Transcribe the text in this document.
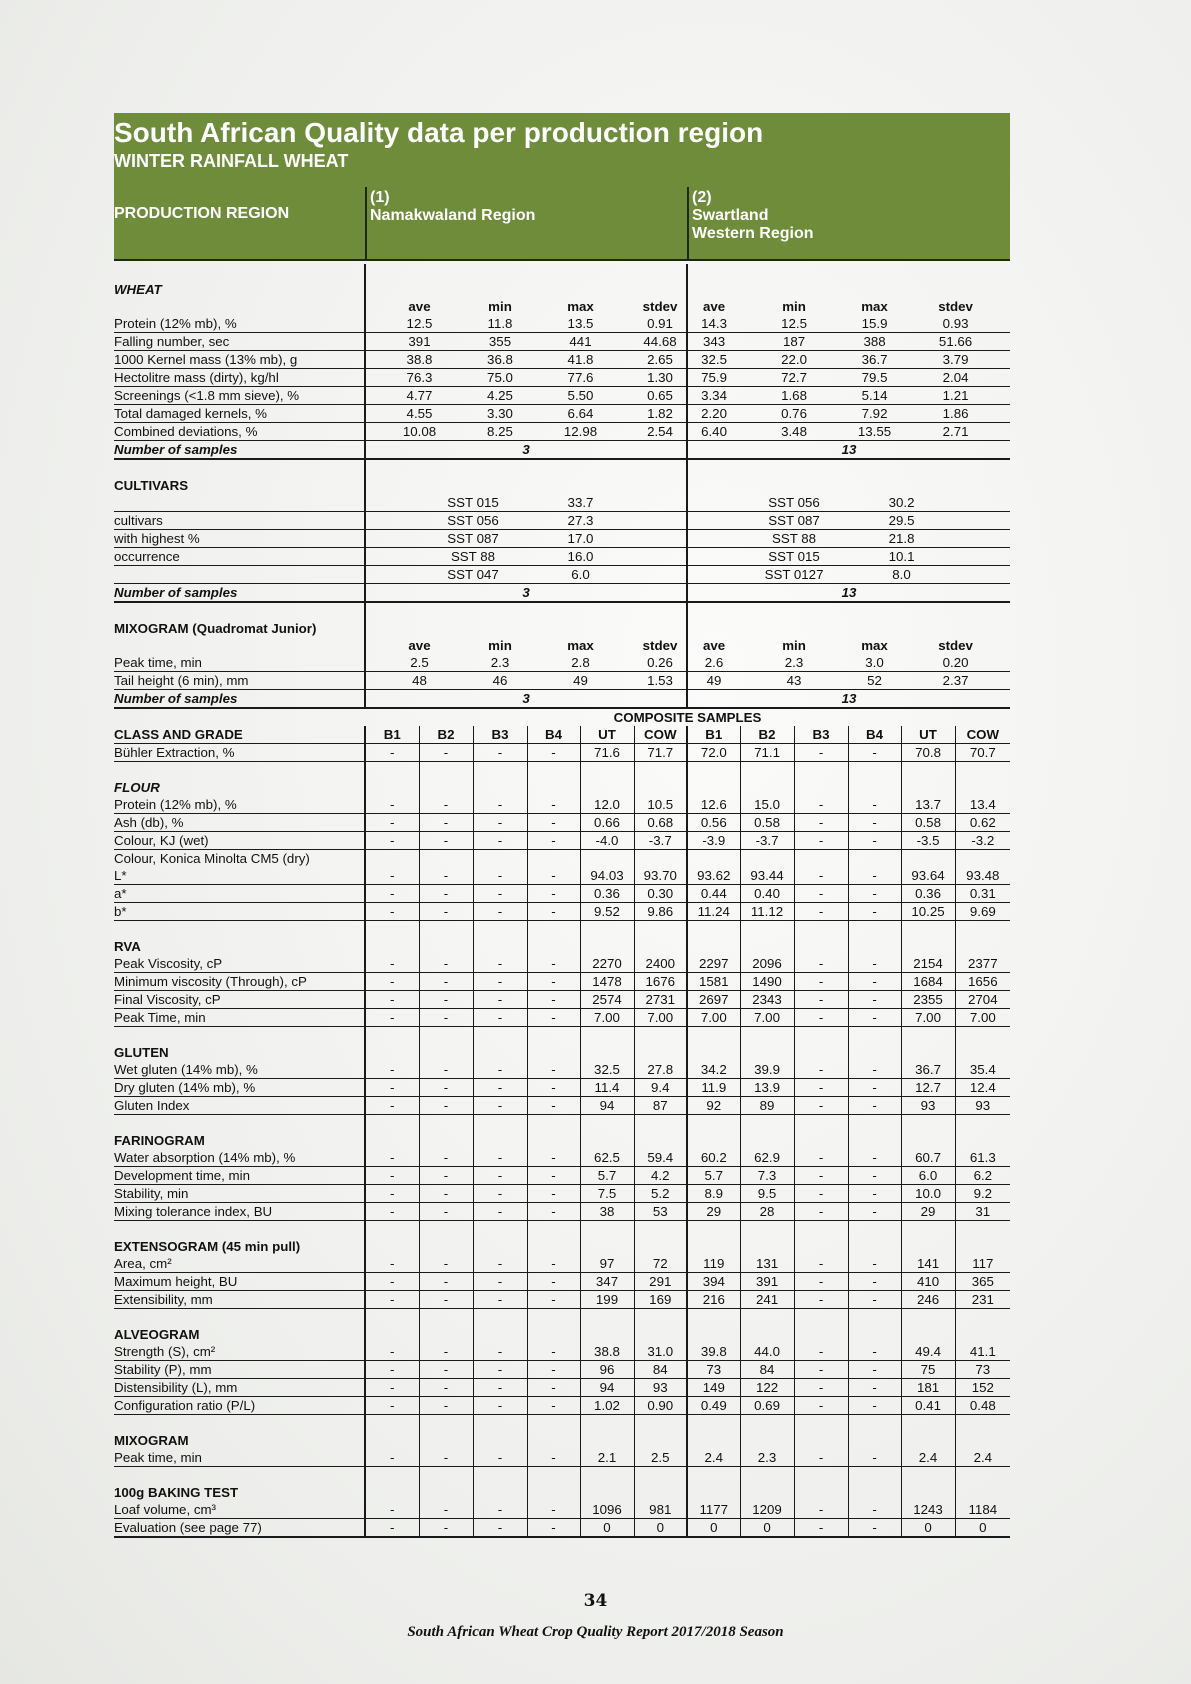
South African Quality data per production region
WINTER RAINFALL WHEAT
PRODUCTION REGION
(1)
Namakwaland Region
(2)
Swartland
Western Region

WHEAT												
	ave		min	max		stdev	ave	min		max	stdev	
Protein (12% mb), %	12.5		11.8	13.5		0.91	14.3	12.5		15.9	0.93	
Falling number, sec	391		355	441		44.68	343	187		388	51.66	
1000 Kernel mass (13% mb), g	38.8		36.8	41.8		2.65	32.5	22.0		36.7	3.79	
Hectolitre mass (dirty), kg/hl	76.3		75.0	77.6		1.30	75.9	72.7		79.5	2.04	
Screenings (<1.8 mm sieve), %	4.77		4.25	5.50		0.65	3.34	1.68		5.14	1.21	
Total damaged kernels, %	4.55		3.30	6.64		1.82	2.20	0.76		7.92	1.86	
Combined deviations, %	10.08		8.25	12.98		2.54	6.40	3.48		13.55	2.71	
Number of samples	3						13					

CULTIVARS												
		SST 015		33.7				SST 056		30.2		
cultivars		SST 056		27.3				SST 087		29.5		
with highest %		SST 087		17.0				SST 88		21.8		
occurrence		SST 88		16.0				SST 015		10.1		
		SST 047		6.0				SST 0127		8.0		
Number of samples	3						13					

MIXOGRAM (Quadromat Junior)												
	ave		min	max		stdev	ave	min		max	stdev	
Peak time, min	2.5		2.3	2.8		0.26	2.6	2.3		3.0	0.20	
Tail height (6 min), mm	48		46	49		1.53	49	43		52	2.37	
Number of samples	3						13					
	COMPOSITE SAMPLES											
CLASS AND GRADE	B1	B2	B3	B4	UT	COW	B1	B2	B3	B4	UT	COW
Bühler Extraction, %	-	-	-	-	71.6	71.7	72.0	71.1	-	-	70.8	70.7

FLOUR												
Protein (12% mb), %	-	-	-	-	12.0	10.5	12.6	15.0	-	-	13.7	13.4
Ash (db), %	-	-	-	-	0.66	0.68	0.56	0.58	-	-	0.58	0.62
Colour, KJ (wet)	-	-	-	-	-4.0	-3.7	-3.9	-3.7	-	-	-3.5	-3.2
Colour, Konica Minolta CM5 (dry)												
L*	-	-	-	-	94.03	93.70	93.62	93.44	-	-	93.64	93.48
a*	-	-	-	-	0.36	0.30	0.44	0.40	-	-	0.36	0.31
b*	-	-	-	-	9.52	9.86	11.24	11.12	-	-	10.25	9.69

RVA												
Peak Viscosity, cP	-	-	-	-	2270	2400	2297	2096	-	-	2154	2377
Minimum viscosity (Through), cP	-	-	-	-	1478	1676	1581	1490	-	-	1684	1656
Final Viscosity, cP	-	-	-	-	2574	2731	2697	2343	-	-	2355	2704
Peak Time, min	-	-	-	-	7.00	7.00	7.00	7.00	-	-	7.00	7.00

GLUTEN												
Wet gluten (14% mb), %	-	-	-	-	32.5	27.8	34.2	39.9	-	-	36.7	35.4
Dry gluten (14% mb), %	-	-	-	-	11.4	9.4	11.9	13.9	-	-	12.7	12.4
Gluten Index	-	-	-	-	94	87	92	89	-	-	93	93

FARINOGRAM												
Water absorption (14% mb), %	-	-	-	-	62.5	59.4	60.2	62.9	-	-	60.7	61.3
Development time, min	-	-	-	-	5.7	4.2	5.7	7.3	-	-	6.0	6.2
Stability, min	-	-	-	-	7.5	5.2	8.9	9.5	-	-	10.0	9.2
Mixing tolerance index, BU	-	-	-	-	38	53	29	28	-	-	29	31

EXTENSOGRAM (45 min pull)												
Area, cm²	-	-	-	-	97	72	119	131	-	-	141	117
Maximum height, BU	-	-	-	-	347	291	394	391	-	-	410	365
Extensibility, mm	-	-	-	-	199	169	216	241	-	-	246	231

ALVEOGRAM												
Strength (S), cm²	-	-	-	-	38.8	31.0	39.8	44.0	-	-	49.4	41.1
Stability (P), mm	-	-	-	-	96	84	73	84	-	-	75	73
Distensibility (L), mm	-	-	-	-	94	93	149	122	-	-	181	152
Configuration ratio (P/L)	-	-	-	-	1.02	0.90	0.49	0.69	-	-	0.41	0.48

MIXOGRAM												
Peak time, min	-	-	-	-	2.1	2.5	2.4	2.3	-	-	2.4	2.4

100g BAKING TEST												
Loaf volume, cm³	-	-	-	-	1096	981	1177	1209	-	-	1243	1184
Evaluation (see page 77)	-	-	-	-	0	0	0	0	-	-	0	0
34
South African Wheat Crop Quality Report 2017/2018 Season
